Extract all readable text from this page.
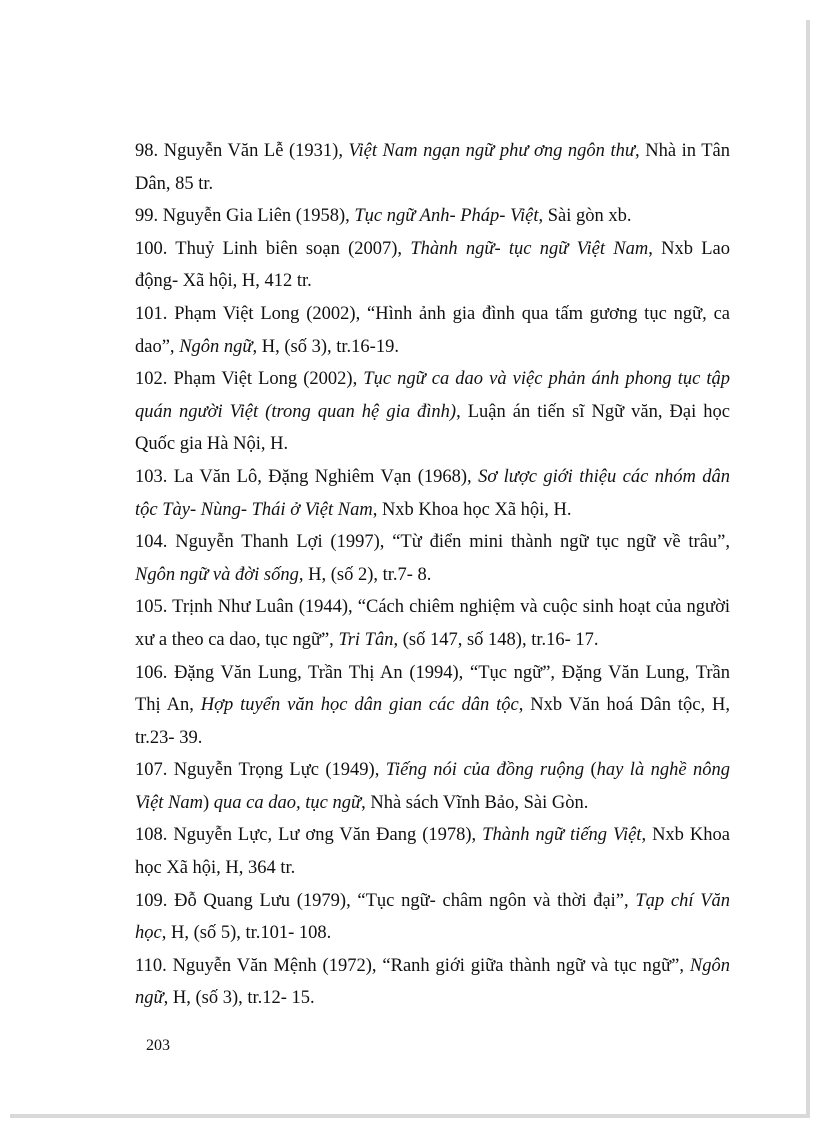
98. Nguyễn Văn Lễ (1931), Việt Nam ngạn ngữ phư ơng ngôn thư, Nhà in Tân Dân, 85 tr.

99. Nguyễn Gia Liên (1958), Tục ngữ Anh- Pháp- Việt, Sài gòn xb.

100. Thuỷ Linh biên soạn (2007), Thành ngữ- tục ngữ Việt Nam, Nxb Lao động- Xã hội, H, 412 tr.

101. Phạm Việt Long (2002), “Hình ảnh gia đình qua tấm gương tục ngữ, ca dao”, Ngôn ngữ, H, (số 3), tr.16-19.

102. Phạm Việt Long (2002), Tục ngữ ca dao và việc phản ánh phong tục tập quán người Việt (trong quan hệ gia đình), Luận án tiến sĩ Ngữ văn, Đại học Quốc gia Hà Nội, H.

103. La Văn Lô, Đặng Nghiêm Vạn (1968), Sơ lược giới thiệu các nhóm dân tộc Tày- Nùng- Thái ở Việt Nam, Nxb Khoa học Xã hội, H.

104. Nguyễn Thanh Lợi (1997), “Từ điển mini thành ngữ tục ngữ về trâu”, Ngôn ngữ và đời sống, H, (số 2), tr.7- 8.

105. Trịnh Như Luân (1944), “Cách chiêm nghiệm và cuộc sinh hoạt của người xư a theo ca dao, tục ngữ”, Tri Tân, (số 147, số 148), tr.16- 17.

106. Đặng Văn Lung, Trần Thị An (1994), “Tục ngữ”, Đặng Văn Lung, Trần Thị An, Hợp tuyển văn học dân gian các dân tộc, Nxb Văn hoá Dân tộc, H, tr.23- 39.

107. Nguyễn Trọng Lực (1949), Tiếng nói của đồng ruộng (hay là nghề nông Việt Nam) qua ca dao, tục ngữ, Nhà sách Vĩnh Bảo, Sài Gòn.

108. Nguyễn Lực, Lư ơng Văn Đang (1978), Thành ngữ tiếng Việt, Nxb Khoa học Xã hội, H, 364 tr.

109. Đỗ Quang Lưu (1979), “Tục ngữ- châm ngôn và thời đại”, Tạp chí Văn học, H, (số 5), tr.101- 108.

110. Nguyễn Văn Mệnh (1972), “Ranh giới giữa thành ngữ và tục ngữ”, Ngôn ngữ, H, (số 3), tr.12- 15.

203
